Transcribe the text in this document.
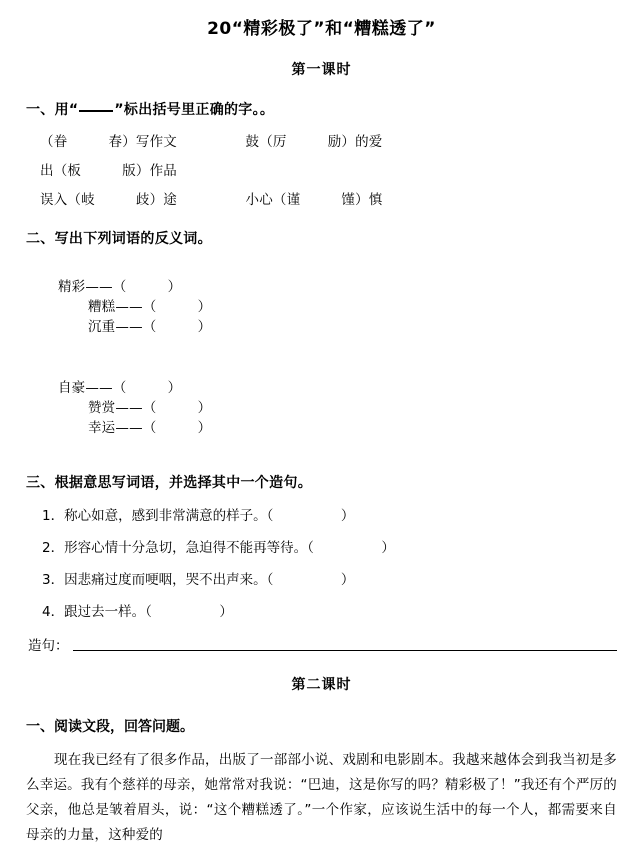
20“精彩极了”和“糟糕透了”
第一课时
一、用“	”标出括号里正确的字。。
（眷　　　春）写作文　　　　　鼓（厉　　　励）的爱
出（板　　　版）作品
误入（岐　　　歧）途　　　　　小心（谨　　　馑）慎
二、写出下列词语的反义词。

精彩——（　　　）
糟糕——（　　　）
沉重——（　　　）

自豪——（　　　）
赞赏——（　　　）
幸运——（　　　）

三、根据意思写词语，并选择其中一个造句。
1．称心如意，感到非常满意的样子。（　　　　　）
2．形容心情十分急切，急迫得不能再等待。（　　　　　）
3．因悲痛过度而哽咽，哭不出声来。（　　　　　）
4．跟过去一样。（　　　　　）
造句：
第二课时
一、阅读文段，回答问题。
现在我已经有了很多作品，出版了一部部小说、戏剧和电影剧本。我越来越体会到我当初是多么幸运。我有个慈祥的母亲，她常常对我说：“巴迪，这是你写的吗？精彩极了！”我还有个严厉的父亲，他总是皱着眉头，说：“这个糟糕透了。”一个作家，应该说生活中的每一个人，都需要来自母亲的力量，这种爱的
